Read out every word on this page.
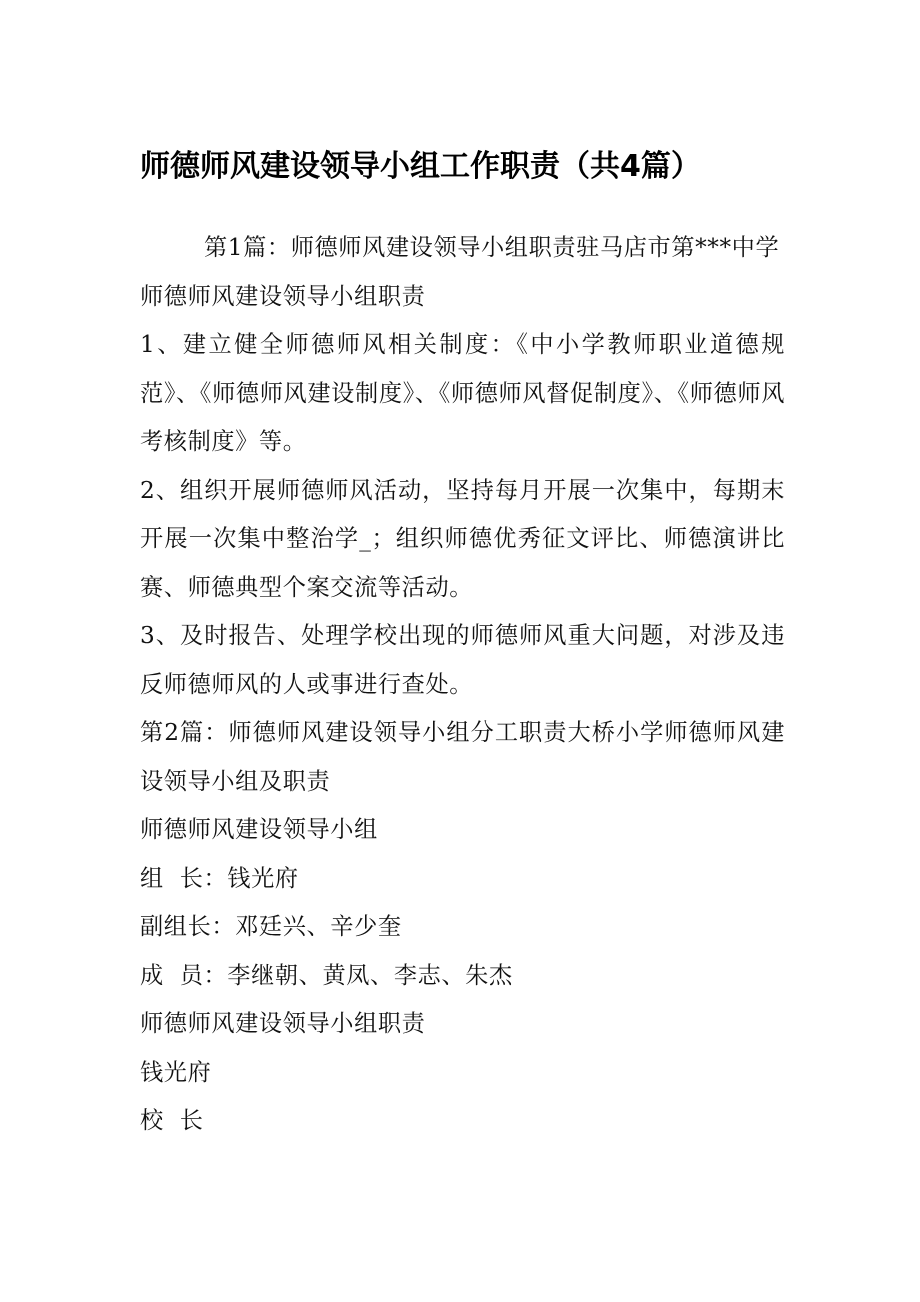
师德师风建设领导小组工作职责（共4篇）

第1篇：师德师风建设领导小组职责驻马店市第***中学

师德师风建设领导小组职责

1、建立健全师德师风相关制度：《中小学教师职业道德规范》、《师德师风建设制度》、《师德师风督促制度》、《师德师风考核制度》等。

2、组织开展师德师风活动，坚持每月开展一次集中，每期末开展一次集中整治学_；组织师德优秀征文评比、师德演讲比赛、师德典型个案交流等活动。

3、及时报告、处理学校出现的师德师风重大问题，对涉及违反师德师风的人或事进行查处。

第2篇：师德师风建设领导小组分工职责大桥小学师德师风建设领导小组及职责

师德师风建设领导小组

组  长：钱光府

副组长：邓廷兴、辛少奎

成  员：李继朝、黄凤、李志、朱杰

师德师风建设领导小组职责

钱光府

校  长
